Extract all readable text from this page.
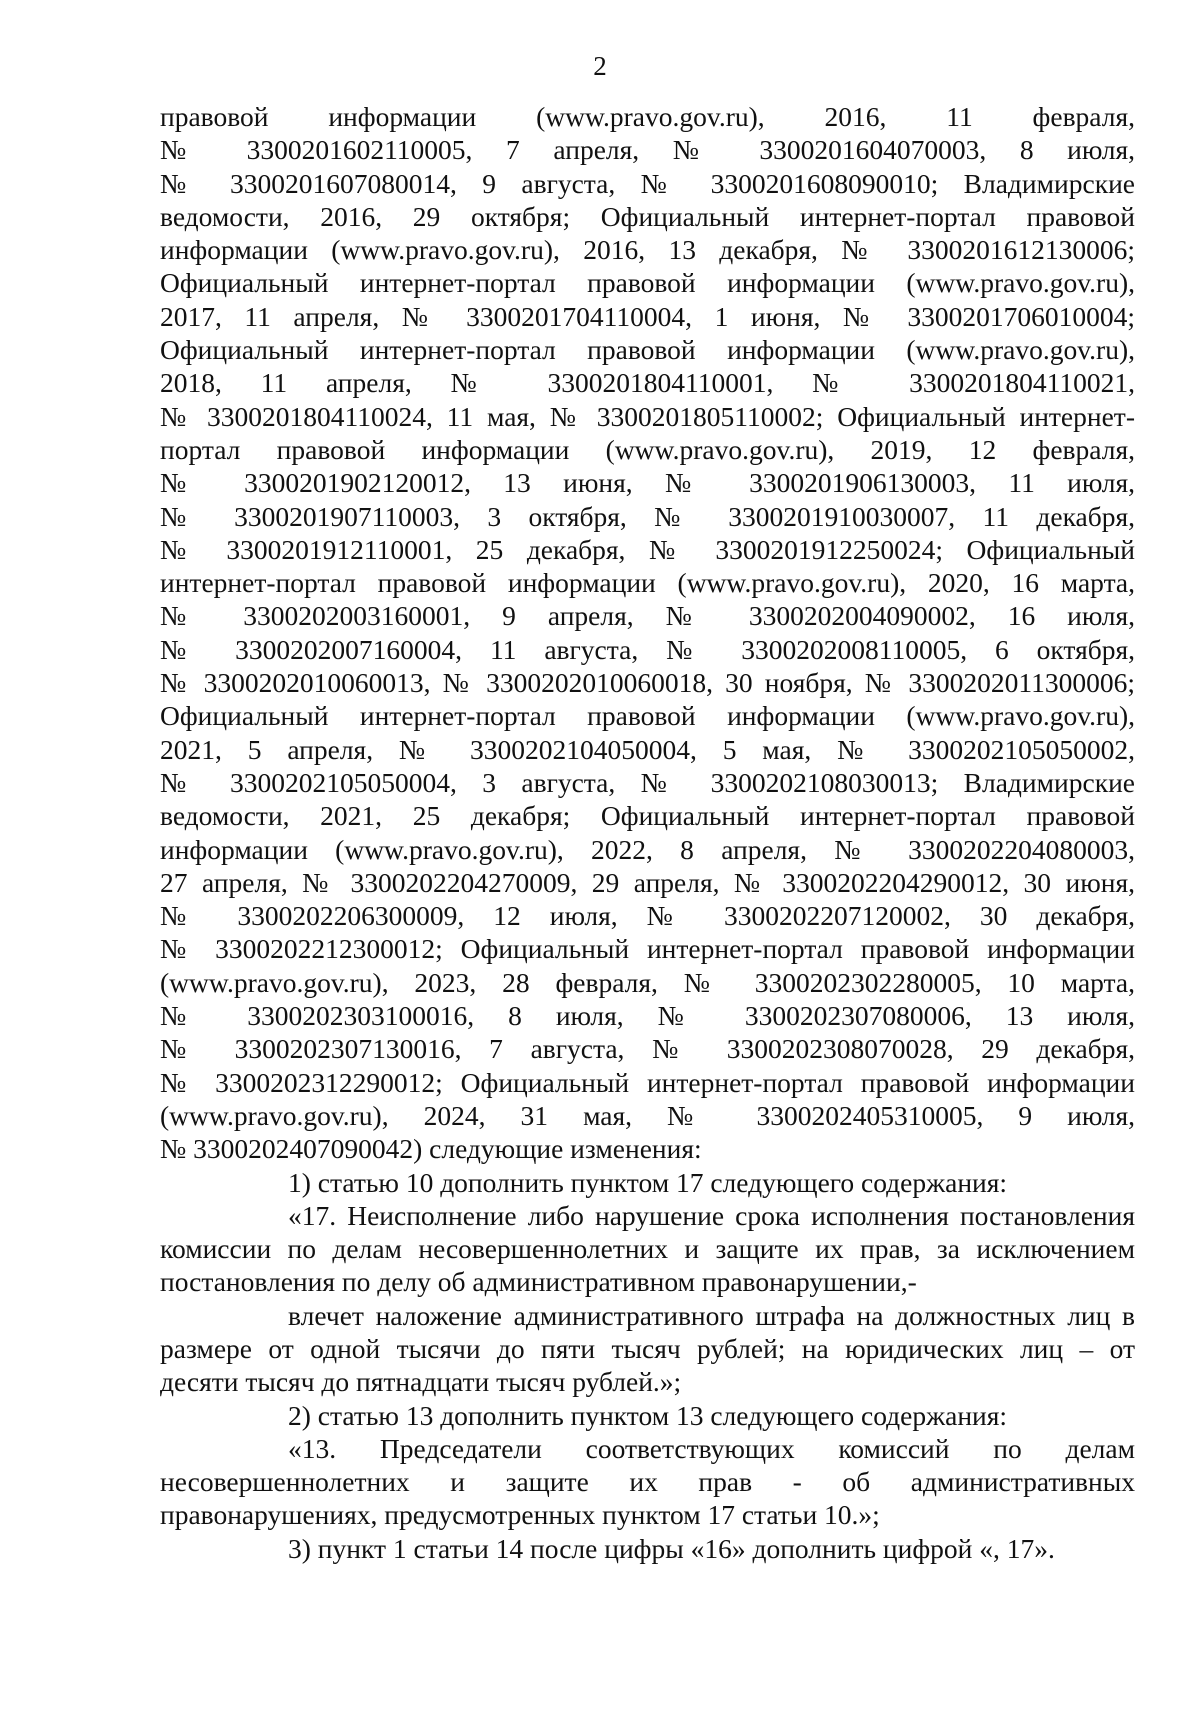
2
правовой информации (www.pravo.gov.ru), 2016, 11 февраля,
№ 3300201602110005, 7 апреля, № 3300201604070003, 8 июля,
№ 3300201607080014, 9 августа, № 3300201608090010; Владимирские
ведомости, 2016, 29 октября; Официальный интернет-портал правовой
информации (www.pravo.gov.ru), 2016, 13 декабря, № 3300201612130006;
Официальный интернет-портал правовой информации (www.pravo.gov.ru),
2017, 11 апреля, № 3300201704110004, 1 июня, № 3300201706010004;
Официальный интернет-портал правовой информации (www.pravo.gov.ru),
2018, 11 апреля, № 3300201804110001, № 3300201804110021,
№ 3300201804110024, 11 мая, № 3300201805110002; Официальный интернет-
портал правовой информации (www.pravo.gov.ru), 2019, 12 февраля,
№ 3300201902120012, 13 июня, № 3300201906130003, 11 июля,
№ 3300201907110003, 3 октября, № 3300201910030007, 11 декабря,
№ 3300201912110001, 25 декабря, № 3300201912250024; Официальный
интернет-портал правовой информации (www.pravo.gov.ru), 2020, 16 марта,
№ 3300202003160001, 9 апреля, № 3300202004090002, 16 июля,
№ 3300202007160004, 11 августа, № 3300202008110005, 6 октября,
№ 3300202010060013, № 3300202010060018, 30 ноября, № 3300202011300006;
Официальный интернет-портал правовой информации (www.pravo.gov.ru),
2021, 5 апреля, № 3300202104050004, 5 мая, № 3300202105050002,
№ 3300202105050004, 3 августа, № 3300202108030013; Владимирские
ведомости, 2021, 25 декабря; Официальный интернет-портал правовой
информации (www.pravo.gov.ru), 2022, 8 апреля, № 3300202204080003,
27 апреля, № 3300202204270009, 29 апреля, № 3300202204290012, 30 июня,
№ 3300202206300009, 12 июля, № 3300202207120002, 30 декабря,
№ 3300202212300012; Официальный интернет-портал правовой информации
(www.pravo.gov.ru), 2023, 28 февраля, № 3300202302280005, 10 марта,
№ 3300202303100016, 8 июля, № 3300202307080006, 13 июля,
№ 3300202307130016, 7 августа, № 3300202308070028, 29 декабря,
№ 3300202312290012; Официальный интернет-портал правовой информации
(www.pravo.gov.ru), 2024, 31 мая, № 3300202405310005, 9 июля,
№ 3300202407090042) следующие изменения:
1) статью 10 дополнить пунктом 17 следующего содержания:
«17. Неисполнение либо нарушение срока исполнения постановления
комиссии по делам несовершеннолетних и защите их прав, за исключением
постановления по делу об административном правонарушении,-
влечет наложение административного штрафа на должностных лиц в
размере от одной тысячи до пяти тысяч рублей; на юридических лиц – от
десяти тысяч до пятнадцати тысяч рублей.»;
2) статью 13 дополнить пунктом 13 следующего содержания:
«13. Председатели соответствующих комиссий по делам
несовершеннолетних и защите их прав - об административных
правонарушениях, предусмотренных пунктом 17 статьи 10.»;
3) пункт 1 статьи 14 после цифры «16» дополнить цифрой «, 17».
